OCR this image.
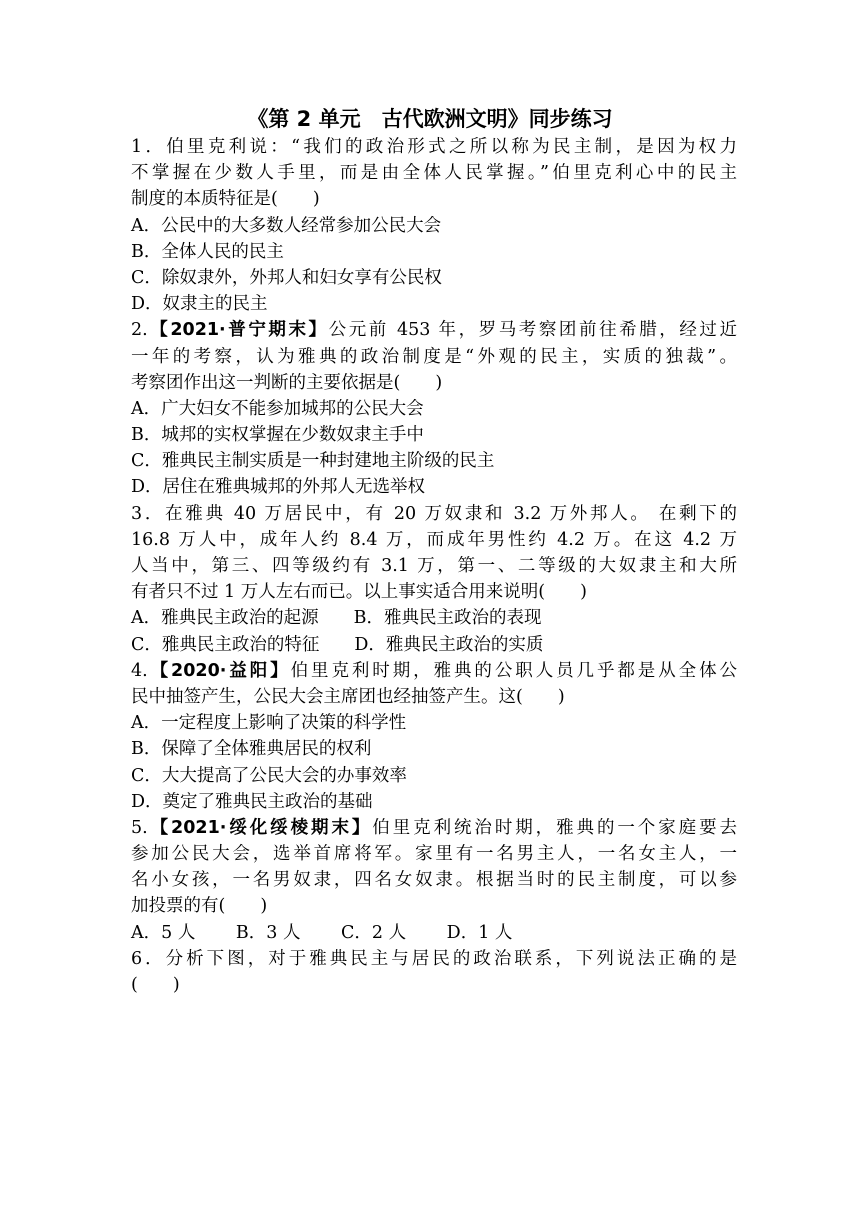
《第 2 单元　古代欧洲文明》同步练习
1．伯里克利说：“我们的政治形式之所以称为民主制，是因为权力
不掌握在少数人手里，而是由全体人民掌握。”伯里克利心中的民主
制度的本质特征是(　　)
A．公民中的大多数人经常参加公民大会
B．全体人民的民主
C．除奴隶外，外邦人和妇女享有公民权
D．奴隶主的民主
2.【2021·普宁期末】公元前 453 年，罗马考察团前往希腊，经过近
一年的考察，认为雅典的政治制度是“外观的民主，实质的独裁”。
考察团作出这一判断的主要依据是(　　)
A．广大妇女不能参加城邦的公民大会
B．城邦的实权掌握在少数奴隶主手中
C．雅典民主制实质是一种封建地主阶级的民主
D．居住在雅典城邦的外邦人无选举权
3．在雅典 40 万居民中，有 20 万奴隶和 3.2 万外邦人。 在剩下的
16.8 万人中，成年人约 8.4 万，而成年男性约 4.2 万。在这 4.2 万
人当中，第三、四等级约有 3.1 万，第一、二等级的大奴隶主和大所
有者只不过 1 万人左右而已。以上事实适合用来说明(　　)
A．雅典民主政治的起源　　B．雅典民主政治的表现
C．雅典民主政治的特征　　D．雅典民主政治的实质
4.【2020·益阳】伯里克利时期，雅典的公职人员几乎都是从全体公
民中抽签产生，公民大会主席团也经抽签产生。这(　　)
A．一定程度上影响了决策的科学性
B．保障了全体雅典居民的权利
C．大大提高了公民大会的办事效率
D．奠定了雅典民主政治的基础
5.【2021·绥化绥棱期末】伯里克利统治时期，雅典的一个家庭要去
参加公民大会，选举首席将军。家里有一名男主人，一名女主人，一
名小女孩，一名男奴隶，四名女奴隶。根据当时的民主制度，可以参
加投票的有(　　)
A．5 人　　 B．3 人　　 C．2 人　　 D．1 人
6．分析下图，对于雅典民主与居民的政治联系，下列说法正确的是
(　　)
